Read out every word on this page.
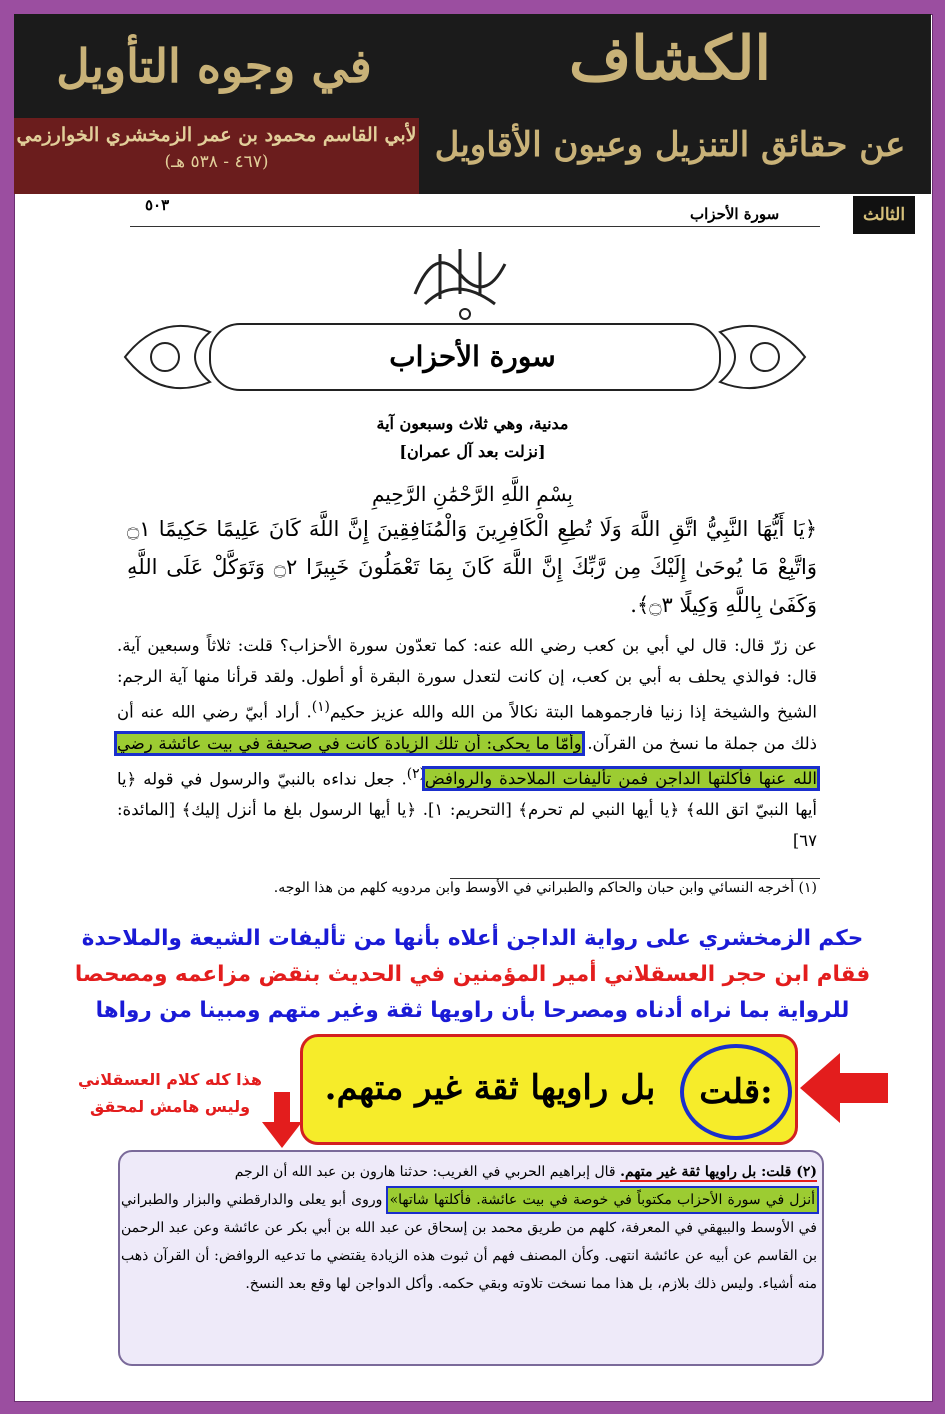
في وجوه التأويل	الكشاف
عن حقائق التنزيل وعيون الأقاويل
لأبي القاسم محمود بن عمر الزمخشري الخوارزمي
(٤٦٧ - ٥٣٨ هـ)
الثالث
٥٠٣	سورة الأحزاب
سورة الأحزاب
مدنية، وهي ثلاث وسبعون آية
[نزلت بعد آل عمران]
بِسْمِ اللَّهِ الرَّحْمَٰنِ الرَّحِيمِ
﴿يَا أَيُّهَا النَّبِيُّ اتَّقِ اللَّهَ وَلَا تُطِعِ الْكَافِرِينَ وَالْمُنَافِقِينَ إِنَّ اللَّهَ كَانَ عَلِيمًا حَكِيمًا ۝١ وَاتَّبِعْ مَا يُوحَىٰ إِلَيْكَ مِن رَّبِّكَ إِنَّ اللَّهَ كَانَ بِمَا تَعْمَلُونَ خَبِيرًا ۝٢ وَتَوَكَّلْ عَلَى اللَّهِ وَكَفَىٰ بِاللَّهِ وَكِيلًا ۝٣﴾.
عن زرّ قال: قال لي أبي بن كعب رضي الله عنه: كما تعدّون سورة الأحزاب؟ قلت: ثلاثاً وسبعين آية. قال: فوالذي يحلف به أبي بن كعب، إن كانت لتعدل سورة البقرة أو أطول. ولقد قرأنا منها آية الرجم: الشيخ والشيخة إذا زنيا فارجموهما البتة نكالاً من الله والله عزيز حكيم$^{(١)}$. أراد أبيّ رضي الله عنه أن ذلك من جملة ما نسخ من القرآن. وأمّا ما يحكى: أن تلك الزيادة كانت في صحيفة في بيت عائشة رضي الله عنها فأكلتها الداجن فمن تأليفات الملاحدة والروافض$^{(٢)}$. جعل نداءه بالنبيّ والرسول في قوله ﴿يا أيها النبيّ اتق الله﴾ ﴿يا أيها النبي لم تحرم﴾ [التحريم: ١]. ﴿يا أيها الرسول بلغ ما أنزل إليك﴾ [المائدة: ٦٧]
(١) أخرجه النسائي وابن حبان والحاكم والطبراني في الأوسط وابن مردويه كلهم من هذا الوجه.
حكم الزمخشري على رواية الداجن أعلاه بأنها من تأليفات الشيعة والملاحدة
فقام ابن حجر العسقلاني أمير المؤمنين في الحديث بنقض مزاعمه ومصحصا
للرواية بما نراه أدناه ومصرحا بأن راويها ثقة وغير متهم ومبينا من رواها
بل راويها ثقة غير متهم.	قلت:
هذا كله كلام العسقلاني
وليس هامش لمحقق
(٢) قلت: بل راويها ثقة غير متهم. قال إبراهيم الحربي في الغريب: حدثنا هارون بن عبد الله أن الرجم
أنزل في سورة الأحزاب مكتوباً في خوصة في بيت عائشة. فأكلتها شاتها» وروى أبو يعلى والدارقطني والبزار والطبراني في الأوسط والبيهقي في المعرفة، كلهم من طريق محمد بن إسحاق عن عبد الله بن أبي بكر عن عائشة وعن عبد الرحمن بن القاسم عن أبيه عن عائشة انتهى. وكأن المصنف فهم أن ثبوت هذه الزيادة يقتضي ما تدعيه الروافض: أن القرآن ذهب منه أشياء. وليس ذلك بلازم، بل هذا مما نسخت تلاوته وبقي حكمه. وأكل الدواجن لها وقع بعد النسخ.
